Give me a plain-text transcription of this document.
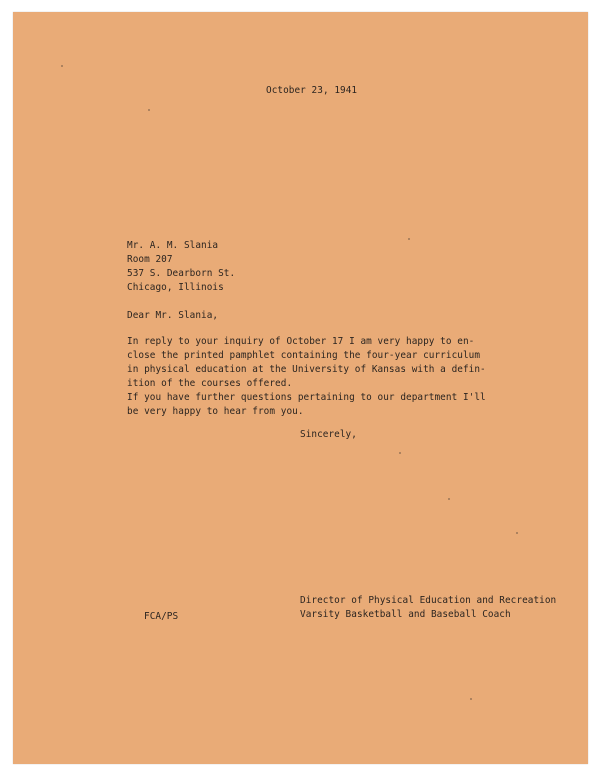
October 23, 1941
Mr. A. M. Slania
Room 207
537 S. Dearborn St.
Chicago, Illinois
Dear Mr. Slania,
In reply to your inquiry of October 17 I am very happy to en-
close the printed pamphlet containing the four-year curriculum
in physical education at the University of Kansas with a defin-
ition of the courses offered.
If you have further questions pertaining to our department I'll
be very happy to hear from you.
Sincerely,
Director of Physical Education and Recreation
Varsity Basketball and Baseball Coach
FCA/PS
